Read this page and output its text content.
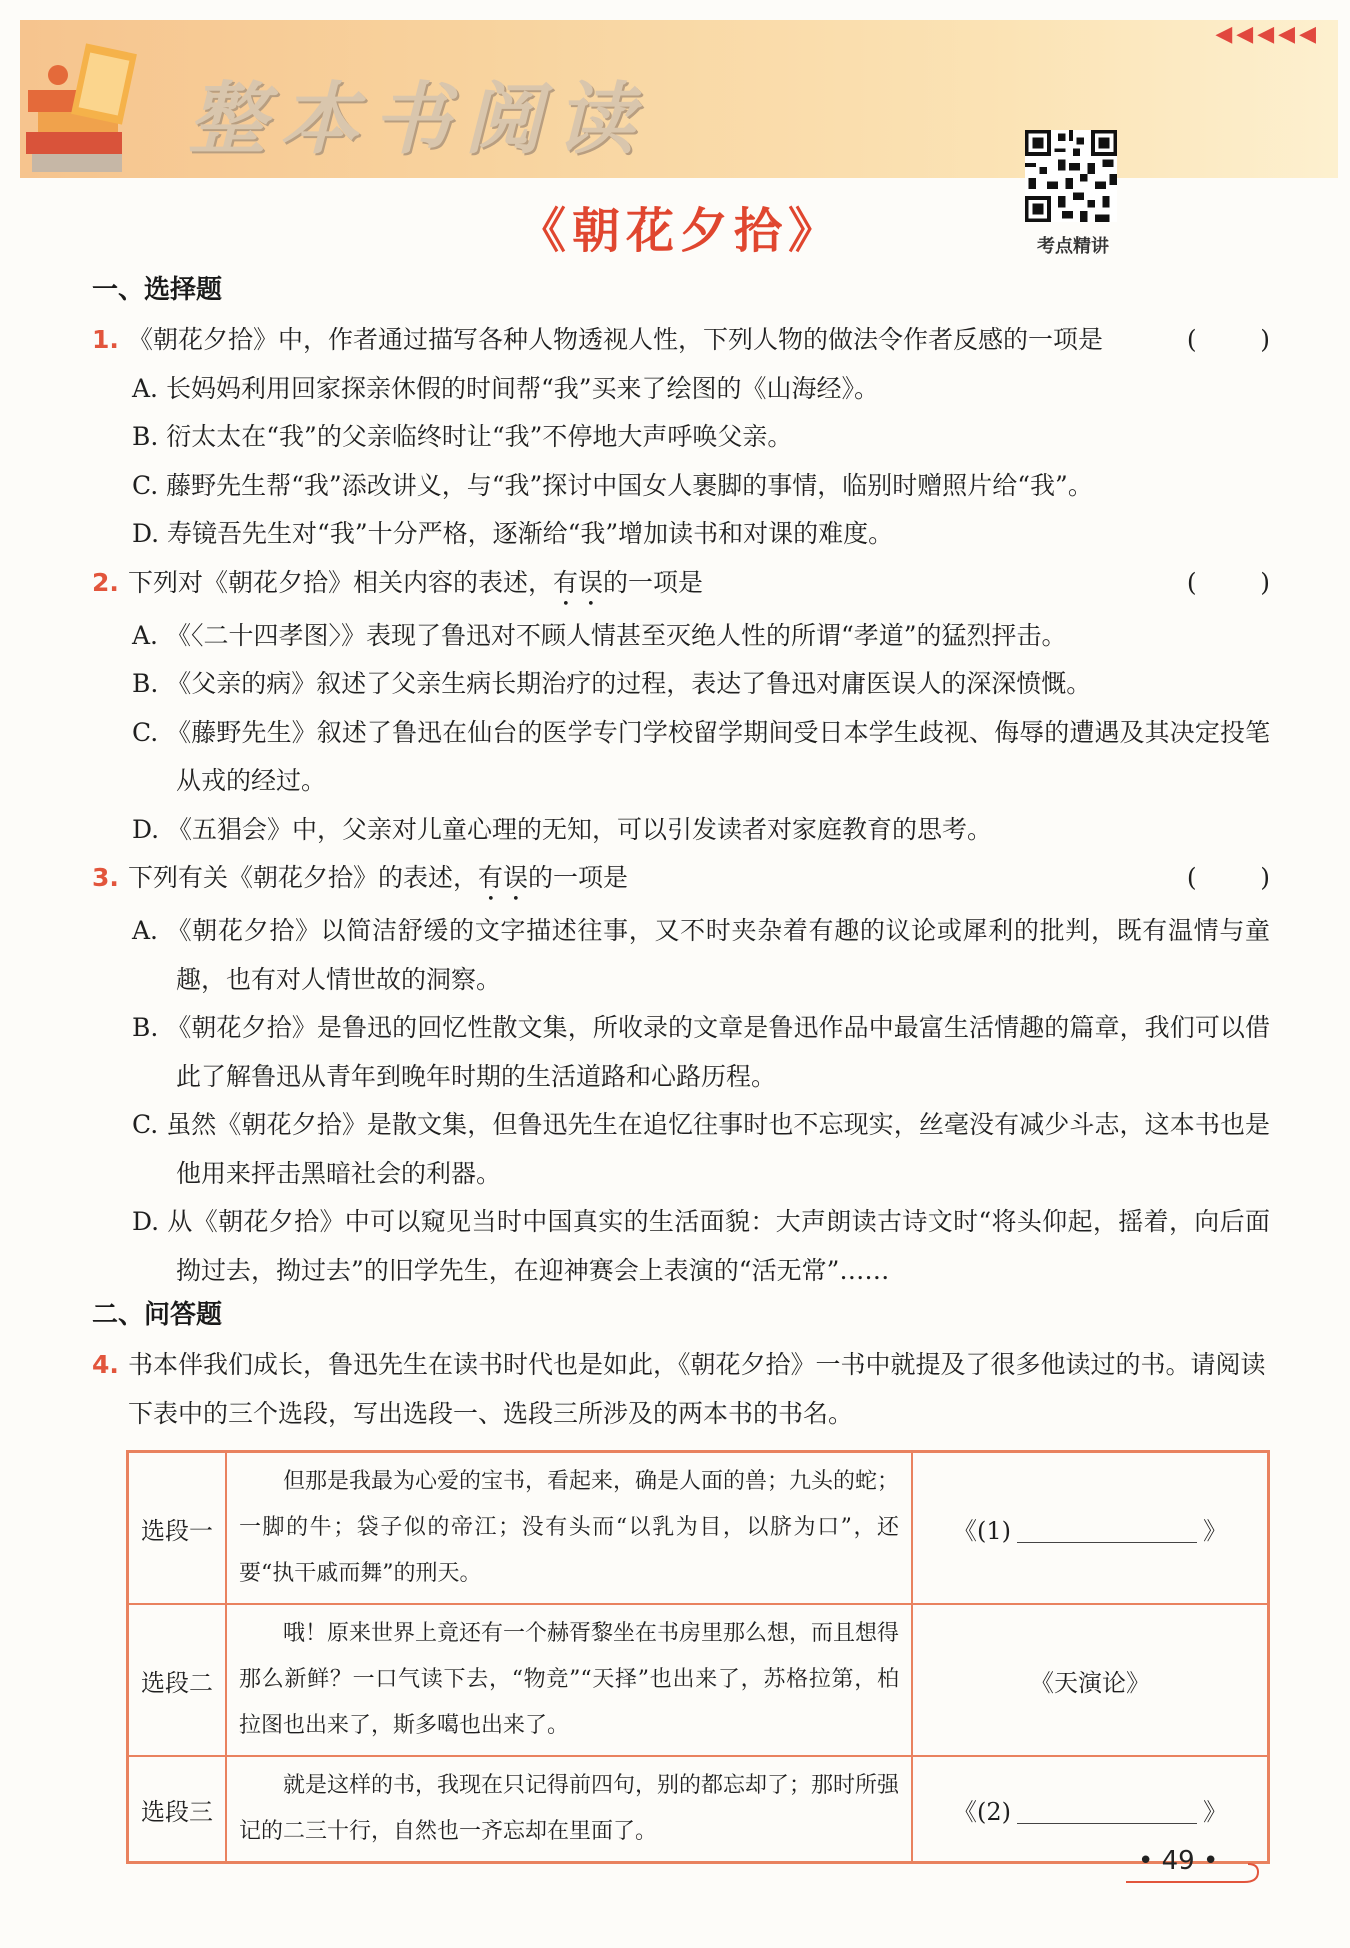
整本书阅读
◀◀◀◀◀
考点精讲
《朝花夕拾》
一、选择题
1. 《朝花夕拾》中，作者通过描写各种人物透视人性，下列人物的做法令作者反感的一项是	(        )
A. 长妈妈利用回家探亲休假的时间帮“我”买来了绘图的《山海经》。
B. 衍太太在“我”的父亲临终时让“我”不停地大声呼唤父亲。
C. 藤野先生帮“我”添改讲义，与“我”探讨中国女人裹脚的事情，临别时赠照片给“我”。
D. 寿镜吾先生对“我”十分严格，逐渐给“我”增加读书和对课的难度。
2. 下列对《朝花夕拾》相关内容的表述，有误的一项是	(        )
A. 《〈二十四孝图〉》表现了鲁迅对不顾人情甚至灭绝人性的所谓“孝道”的猛烈抨击。
B. 《父亲的病》叙述了父亲生病长期治疗的过程，表达了鲁迅对庸医误人的深深愤慨。
C. 《藤野先生》叙述了鲁迅在仙台的医学专门学校留学期间受日本学生歧视、侮辱的遭遇及其决定投笔从戎的经过。
D. 《五猖会》中，父亲对儿童心理的无知，可以引发读者对家庭教育的思考。
3. 下列有关《朝花夕拾》的表述，有误的一项是	(        )
A. 《朝花夕拾》以简洁舒缓的文字描述往事，又不时夹杂着有趣的议论或犀利的批判，既有温情与童趣，也有对人情世故的洞察。
B. 《朝花夕拾》是鲁迅的回忆性散文集，所收录的文章是鲁迅作品中最富生活情趣的篇章，我们可以借此了解鲁迅从青年到晚年时期的生活道路和心路历程。
C. 虽然《朝花夕拾》是散文集，但鲁迅先生在追忆往事时也不忘现实，丝毫没有减少斗志，这本书也是他用来抨击黑暗社会的利器。
D. 从《朝花夕拾》中可以窥见当时中国真实的生活面貌：大声朗读古诗文时“将头仰起，摇着，向后面拗过去，拗过去”的旧学先生，在迎神赛会上表演的“活无常”……
二、问答题
4. 书本伴我们成长，鲁迅先生在读书时代也是如此，《朝花夕拾》一书中就提及了很多他读过的书。请阅读下表中的三个选段，写出选段一、选段三所涉及的两本书的书名。
选段一	但那是我最为心爱的宝书，看起来，确是人面的兽；九头的蛇；一脚的牛；袋子似的帝江；没有头而“以乳为目，以脐为口”，还要“执干戚而舞”的刑天。	《(1) 》
选段二	哦！原来世界上竟还有一个赫胥黎坐在书房里那么想，而且想得那么新鲜？一口气读下去，“物竞”“天择”也出来了，苏格拉第，柏拉图也出来了，斯多噶也出来了。	《天演论》
选段三	就是这样的书，我现在只记得前四句，别的都忘却了；那时所强记的二三十行，自然也一齐忘却在里面了。	《(2) 》
• 49 •
